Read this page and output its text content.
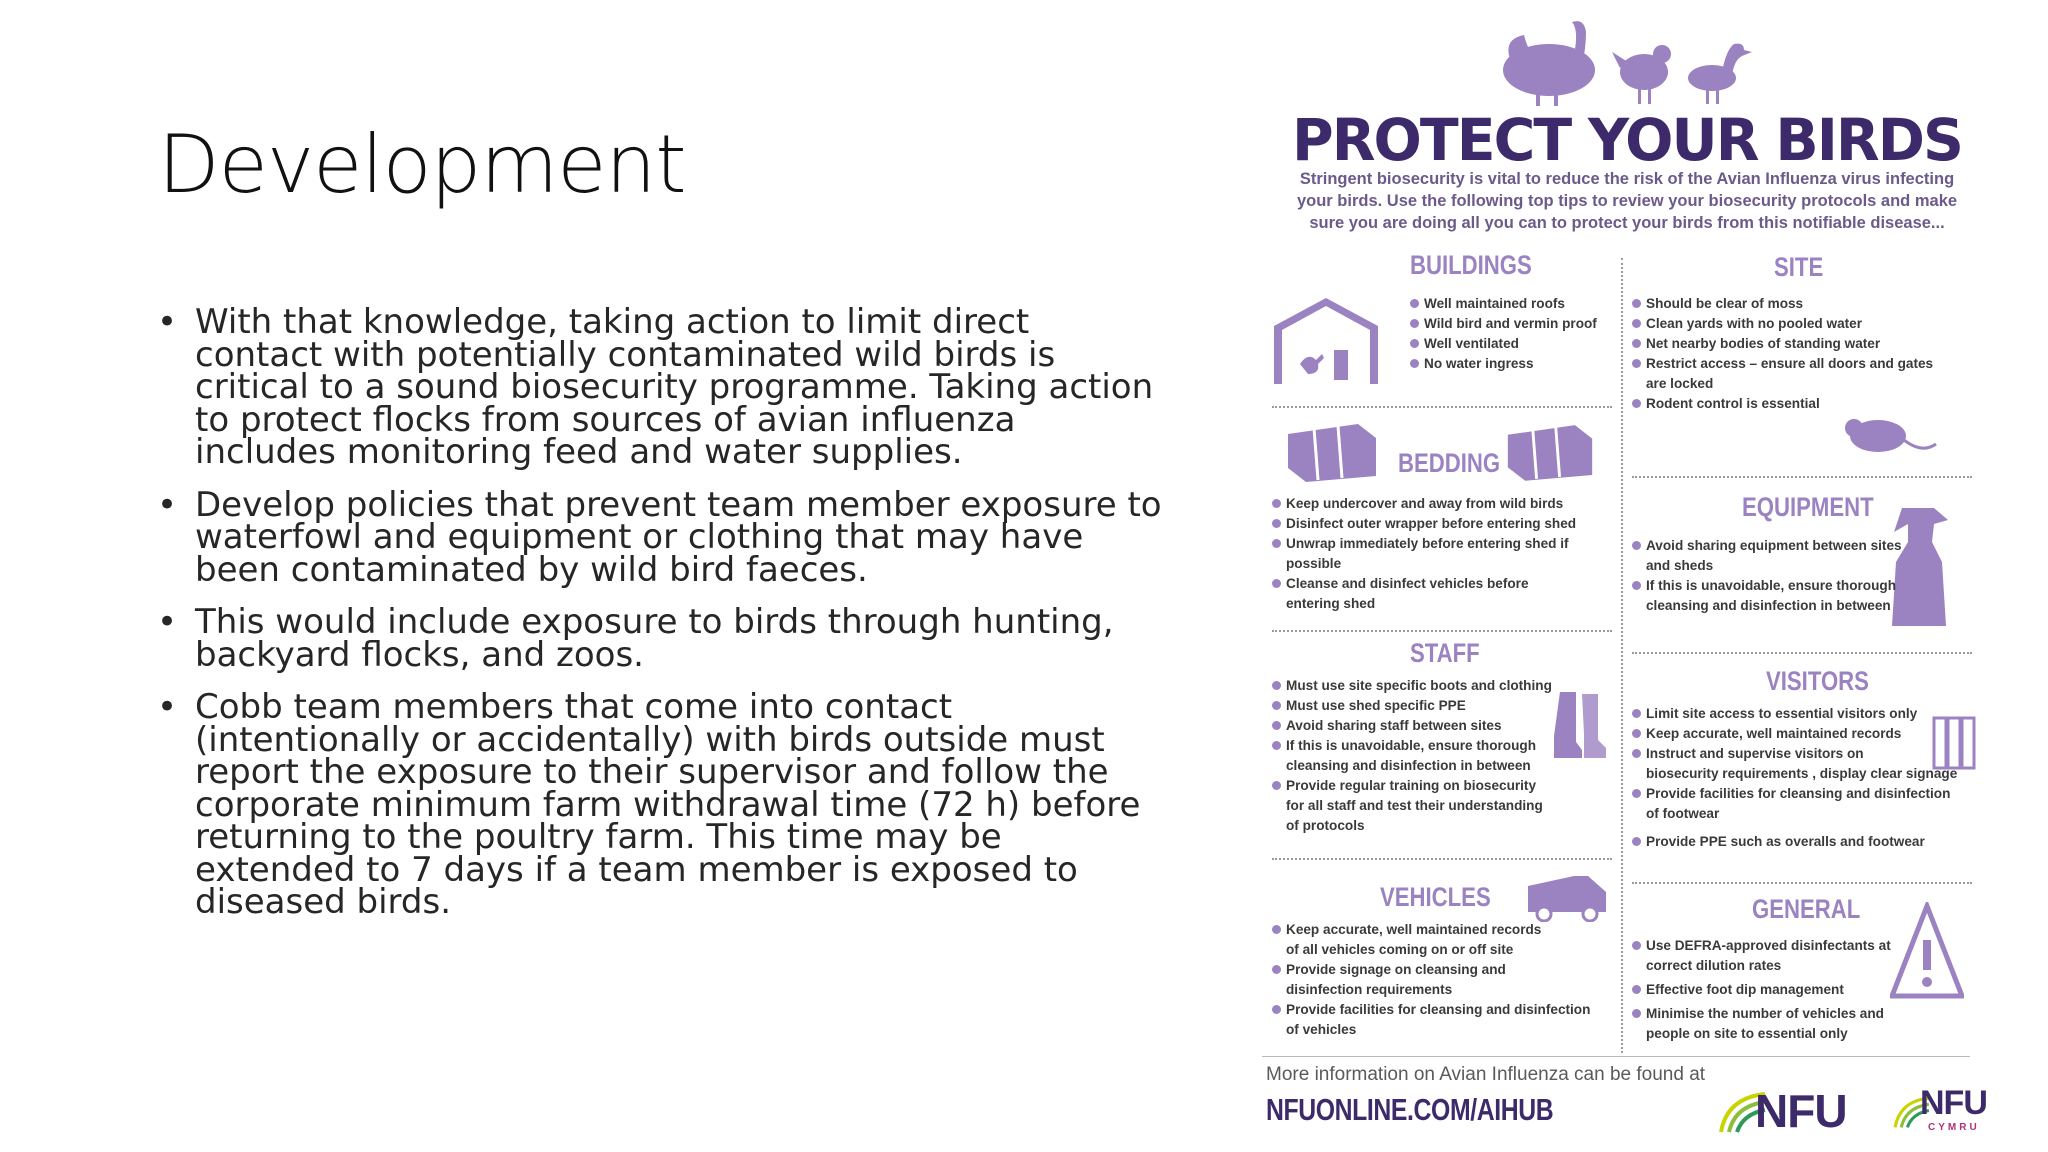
Development
• With that knowledge, taking action to limit direct contact with potentially contaminated wild birds is critical to a sound biosecurity programme. Taking action to protect flocks from sources of avian influenza includes monitoring feed and water supplies.
• Develop policies that prevent team member exposure to waterfowl and equipment or clothing that may have been contaminated by wild bird faeces.
• This would include exposure to birds through hunting, backyard flocks, and zoos.
• Cobb team members that come into contact (intentionally or accidentally) with birds outside must report the exposure to their supervisor and follow the corporate minimum farm withdrawal time (72 h) before returning to the poultry farm. This time may be extended to 7 days if a team member is exposed to diseased birds.
PROTECT YOUR BIRDS
Stringent biosecurity is vital to reduce the risk of the Avian Influenza virus infecting your birds. Use the following top tips to review your biosecurity protocols and make sure you are doing all you can to protect your birds from this notifiable disease...
BUILDINGS
Well maintained roofs
Wild bird and vermin proof
Well ventilated
No water ingress
SITE
Should be clear of moss
Clean yards with no pooled water
Net nearby bodies of standing water
Restrict access – ensure all doors and gates
are locked
Rodent control is essential
BEDDING
Keep undercover and away from wild birds
Disinfect outer wrapper before entering shed
Unwrap immediately before entering shed if
possible
Cleanse and disinfect vehicles before
entering shed
EQUIPMENT
Avoid sharing equipment between sites
and sheds
If this is unavoidable, ensure thorough
cleansing and disinfection in between
STAFF
Must use site specific boots and clothing
Must use shed specific PPE
Avoid sharing staff between sites
If this is unavoidable, ensure thorough
cleansing and disinfection in between
Provide regular training on biosecurity
for all staff and test their understanding
of protocols
VISITORS
Limit site access to essential visitors only
Keep accurate, well maintained records
Instruct and supervise visitors on
biosecurity requirements , display clear signage
Provide facilities for cleansing and disinfection
of footwear
Provide PPE such as overalls and footwear
VEHICLES
Keep accurate, well maintained records
of all vehicles coming on or off site
Provide signage on cleansing and
disinfection requirements
Provide facilities for cleansing and disinfection
of vehicles
GENERAL
Use DEFRA-approved disinfectants at
correct dilution rates
Effective foot dip management
Minimise the number of vehicles and
people on site to essential only
More information on Avian Influenza can be found at
NFUONLINE.COM/AIHUB	NFU NFU
CYMRU
